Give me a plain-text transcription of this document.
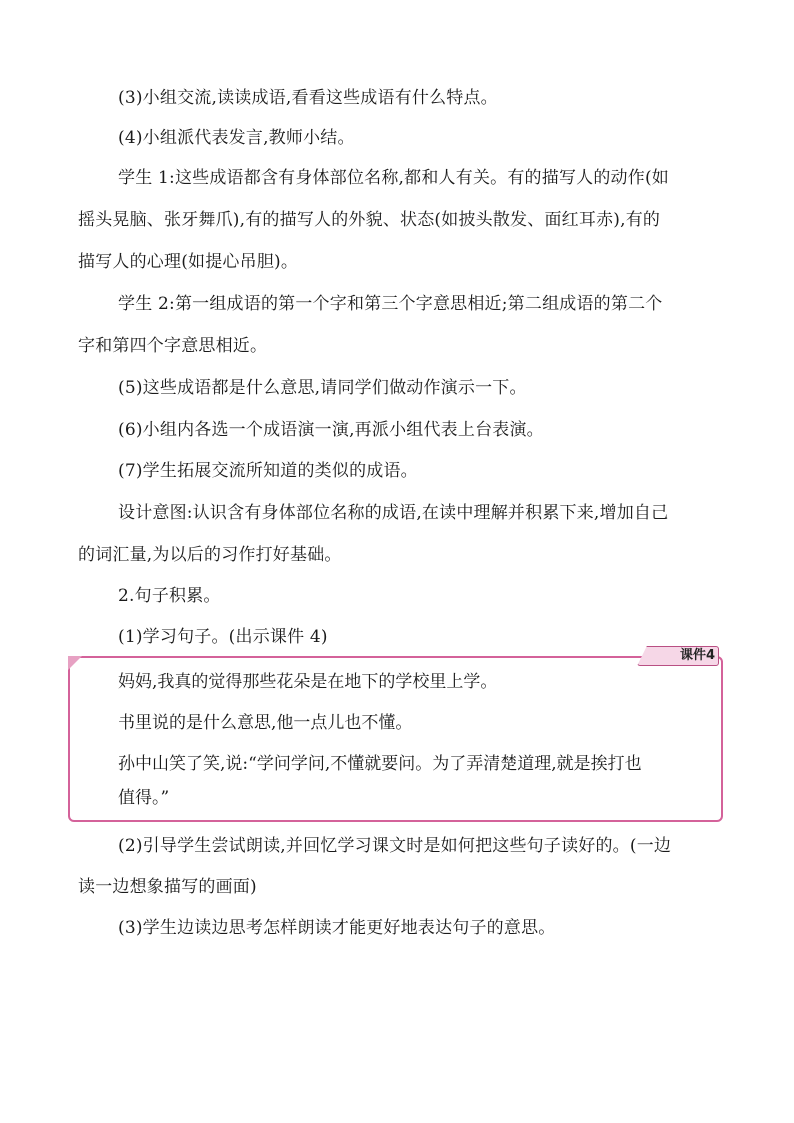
(3)小组交流,读读成语,看看这些成语有什么特点。
(4)小组派代表发言,教师小结。
学生 1:这些成语都含有身体部位名称,都和人有关。有的描写人的动作(如
摇头晃脑、张牙舞爪),有的描写人的外貌、状态(如披头散发、面红耳赤),有的
描写人的心理(如提心吊胆)。
学生 2:第一组成语的第一个字和第三个字意思相近;第二组成语的第二个
字和第四个字意思相近。
(5)这些成语都是什么意思,请同学们做动作演示一下。
(6)小组内各选一个成语演一演,再派小组代表上台表演。
(7)学生拓展交流所知道的类似的成语。
设计意图:认识含有身体部位名称的成语,在读中理解并积累下来,增加自己
的词汇量,为以后的习作打好基础。
2.句子积累。
(1)学习句子。(出示课件 4)
课件4
妈妈,我真的觉得那些花朵是在地下的学校里上学。
书里说的是什么意思,他一点儿也不懂。
孙中山笑了笑,说:“学问学问,不懂就要问。为了弄清楚道理,就是挨打也
值得。”
(2)引导学生尝试朗读,并回忆学习课文时是如何把这些句子读好的。(一边
读一边想象描写的画面)
(3)学生边读边思考怎样朗读才能更好地表达句子的意思。
